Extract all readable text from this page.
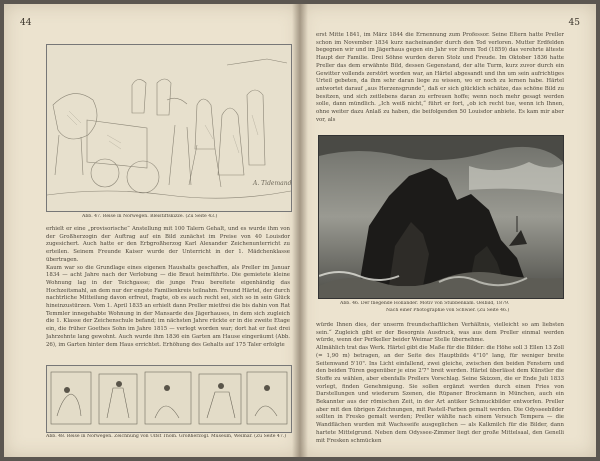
44
A. Tidemand
Abb. 47. Reise in Norwegen. Bleistiftskizze. (Zu Seite 43.)
erhielt er eine „provisorische“ Anstellung mit 100 Talern Gehalt, und es wurde ihm von der Großherzogin der Auftrag auf ein Bild zunächst im Preise von 40 Louisdor zugesichert. Auch hatte er den Erbgroßherzog Karl Alexander Zeichenunterricht zu erteilen. Seinem Freunde Kaiser wurde der Unterricht in der 1. Mädchenklasse übertragen.
Kaum war so die Grundlage eines eigenen Haushalts geschaffen, als Preller im Januar 1834 — acht Jahre nach der Verlobung — die Braut heimführte. Die gemietete kleine Wohnung lag in der Teichgasse; die junge Frau bereitete eigenhändig das Hochzeitsmahl, an dem nur der engste Familienkreis teilnahm. Freund Härtel, der durch nachtrliche Mitteilung davon erfreut, fragte, ob es auch recht sei, sich so in sein Glück hineinzustürzen. Vom 1. April 1835 an erhielt dann Preller mietfrei die bis dahin von Rat Temmler innegehabte Wohnung in der Mansarde des Jägerhauses, in dem sich zugleich die 1. Klasse der Zeichenschule befand; im nächsten Jahre rückte er in die zweite Etage ein, die früher Goethes Sohn im Jahre 1815 — verlegt worden war; dort hat er fast drei Jahrzehnte lang gewohnt. Auch wurde ihm 1836 ein Garten am Hause eingeräumt (Abb. 26), im Garten hinter dem Haus errichtet. Erhöhung des Gehalts auf 175 Taler erfolgte
Abb. 48. Reise in Norwegen. Zeichnung von Ulfst Thom. Großherzogl. Museum, Weimar. (Zu Seite 47.)
45
erst Mitte 1841, im März 1844 die Ernennung zum Professor. Seine Eltern hatte Preller schon im November 1834 kurz nacheinander durch den Tod verloren. Mutter Erdfelden begegnen wir und im Jägerhaus gegen ein Jahr vor ihrem Tod (1859) das verehrte älteste Haupt der Familie. Drei Söhne wurden deren Stolz und Freude. Im Oktober 1836 hatte Preller das dem erwähnte Bild, dessen Gegenstand, der alte Turm, kurz zuvor durch ein Gewitter vollends zerstört worden war, an Härtel abgesandt und ihn um sein aufrichtiges Urteil gebeten, da ihm sehr daran liege zu wissen, wo er noch zu lernen habe. Härtel antwortet darauf „aus Herzensgrunde“, daß er sich glücklich schätze, das schöne Bild zu besitzen, und sich zeitlebens daran zu erfreuen hoffe; wenn noch mehr gesagt werden solle, dann mündlich. „Ich weiß nicht,“ führt er fort, „ob ich recht tue, wenn ich Ihnen, ohne weiter dazu Anlaß zu haben, die beifolgenden 50 Louisdor anbiete. Es kam mir aber vor, als
Abb. 46. Der fliegende Holländer. Motiv von Stubbenkäm. Oelbild, 1879.
Nach einer Photographie von Schwier. (Zu Seite 46.)
würde Ihnen dies, der unserm freundschaftlichen Verhältnis, vielleicht so am liebsten sein.“ Zugleich gibt er der Besorgnis Ausdruck, was aus dem Preller einmal werden würde, wenn der Perlkeller beider Weimar Stelle übernehme.
Allmählich trat das Werk. Härtel gibt die Maße für die Bilder: die Höhe soll 3 Ellen 13 Zoll (= 1,90 m) betragen, an der Seite des Hauptbilds 4"10" lang, für weniger breite Seitenwand 5'10". Ins Licht einfallend, zwei gleiche, zwischen den beiden Fenstern und den beiden Türen gegenüber je eine 2'7" breit werden. Härtel überlässt dem Künstler die Stoffe zu wählen, aber ebenfalls Prellers Vorschlag. Seine Skizzen, die er Ende Juli 1833 vorlegt, finden Genehmigung. Sie sollen ergänzt werden durch einen Fries von Darstellungen und wiederum Szenen, die Rüpaner Brockmann in München, auch ein Bekannter aus der römischen Zeit, in der Art antiker Schmuckbilder entworfen. Preller aber mit den übrigen Zeichnungen, mit Pastell-Farben gemalt werden. Die Odysseebilder sollten in Fresko gemalt werden; Preller wählte nach einem Versuch Tempera — die Wandflächen wurden mit Wachsseife ausgeglichen — als Kalkmilch für die Bilder, dann hartete Mittelgrund. Neben dem Odyssee-Zimmer liegt der große Mittelsaal, den Genelli mit Fresken schmücken
